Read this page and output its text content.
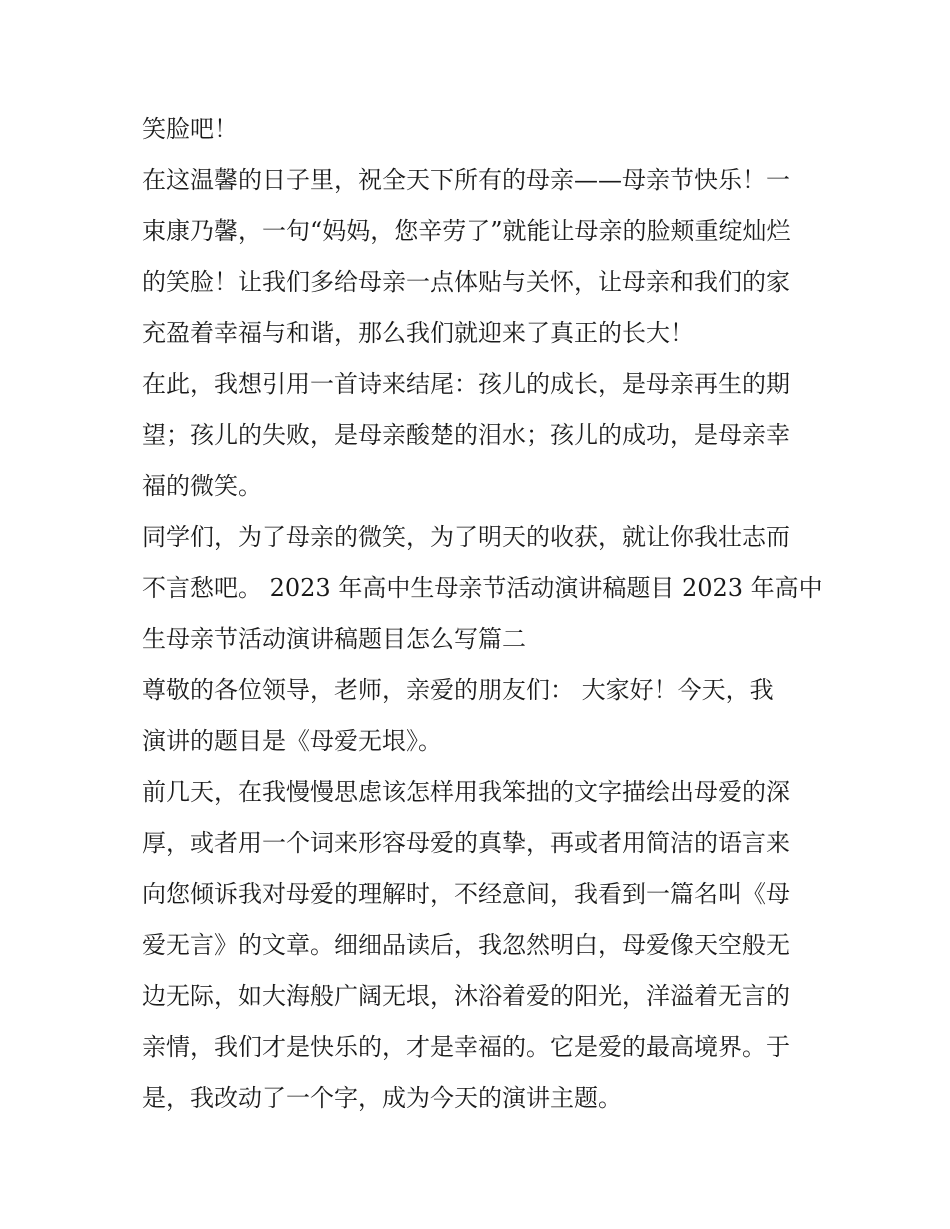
笑脸吧！

在这温馨的日子里，祝全天下所有的母亲——母亲节快乐！一
束康乃馨，一句“妈妈，您辛劳了”就能让母亲的脸颊重绽灿烂
的笑脸！让我们多给母亲一点体贴与关怀，让母亲和我们的家
充盈着幸福与和谐，那么我们就迎来了真正的长大！

在此，我想引用一首诗来结尾：孩儿的成长，是母亲再生的期
望；孩儿的失败，是母亲酸楚的泪水；孩儿的成功，是母亲幸
福的微笑。

同学们，为了母亲的微笑，为了明天的收获，就让你我壮志而
不言愁吧。 2023 年高中生母亲节活动演讲稿题目 2023 年高中
生母亲节活动演讲稿题目怎么写篇二

尊敬的各位领导，老师，亲爱的朋友们： 大家好！今天，我
演讲的题目是《母爱无垠》。

前几天，在我慢慢思虑该怎样用我笨拙的文字描绘出母爱的深
厚，或者用一个词来形容母爱的真挚，再或者用简洁的语言来
向您倾诉我对母爱的理解时，不经意间，我看到一篇名叫《母
爱无言》的文章。细细品读后，我忽然明白，母爱像天空般无
边无际，如大海般广阔无垠，沐浴着爱的阳光，洋溢着无言的
亲情，我们才是快乐的，才是幸福的。它是爱的最高境界。于
是，我改动了一个字，成为今天的演讲主题。
